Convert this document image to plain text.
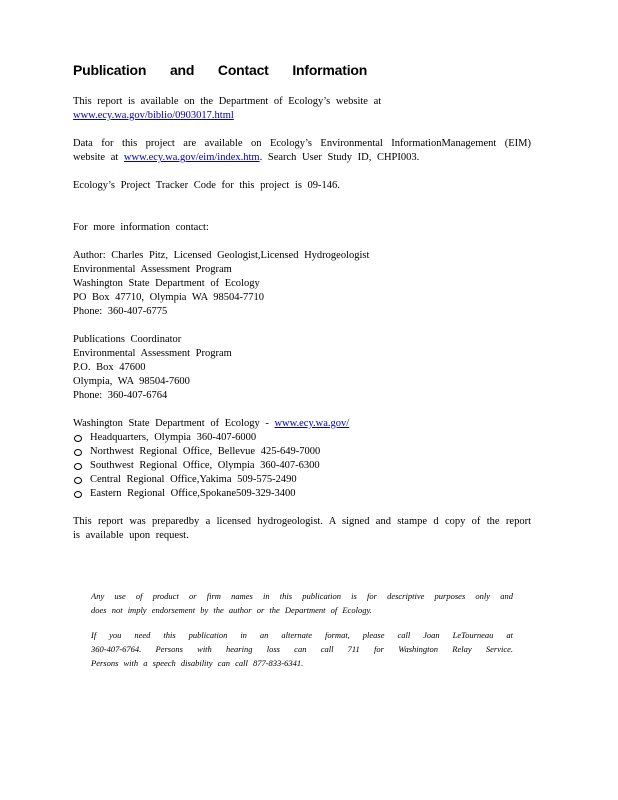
Publication and Contact Information

This report is available on the Department of Ecology’s website at

www.ecy.wa.gov/biblio/0903017.html

Data for this project are available on Ecology’s Environmental InformationManagement (EIM)

website at www.ecy.wa.gov/eim/index.htm. Search User Study ID, CHPI003.

Ecology’s Project Tracker Code for this project is 09-146.

For more information contact:

Author: Charles Pitz, Licensed Geologist,Licensed Hydrogeologist

Environmental Assessment Program

Washington State Department of Ecology

PO Box 47710, Olympia WA 98504-7710

Phone: 360-407-6775

Publications Coordinator

Environmental Assessment Program

P.O. Box 47600

Olympia, WA 98504-7600

Phone: 360-407-6764

Washington State Department of Ecology - www.ecy.wa.gov/

Headquarters, Olympia 360-407-6000
Northwest Regional Office, Bellevue 425-649-7000
Southwest Regional Office, Olympia 360-407-6300
Central Regional Office,Yakima 509-575-2490
Eastern Regional Office,Spokane509-329-3400

This report was preparedby a licensed hydrogeologist. A signed and stampe d copy of the report

is available upon request.

Any use of product or firm names in this publication is for descriptive purposes only and

does not imply endorsement by the author or the Department of Ecology.

If you need this publication in an alternate format, please call Joan LeTourneau at

360-407-6764. Persons with hearing loss can call 711 for Washington Relay Service.

Persons with a speech disability can call 877-833-6341.
